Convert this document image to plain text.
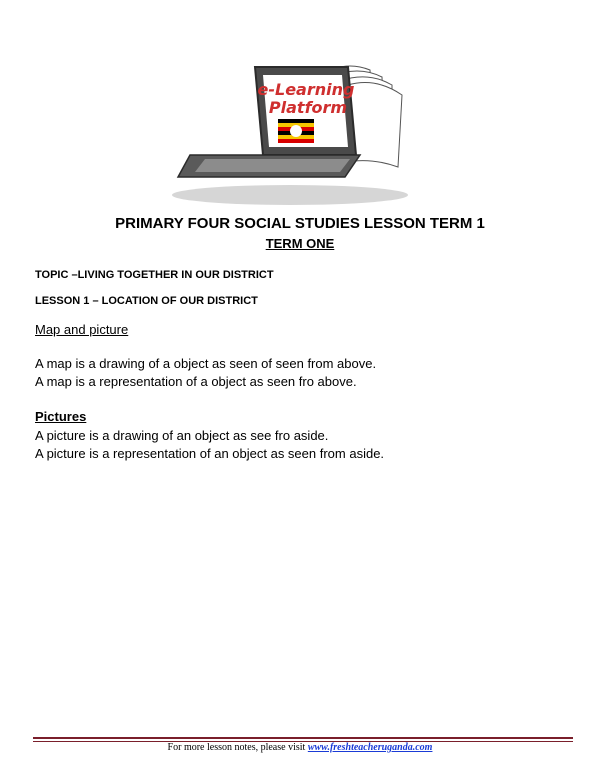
e-Learning
Platform
PRIMARY FOUR SOCIAL STUDIES LESSON TERM 1
TERM ONE
TOPIC –LIVING TOGETHER IN OUR DISTRICT
LESSON 1 – LOCATION OF OUR DISTRICT
Map and picture
A map is a drawing of a object as seen of seen from above.
A map is a representation of a object as seen fro above.
Pictures
A picture is a drawing of an object as see fro aside.
A picture is a representation of an object as seen from aside.
For more lesson notes, please visit www.freshteacheruganda.com
